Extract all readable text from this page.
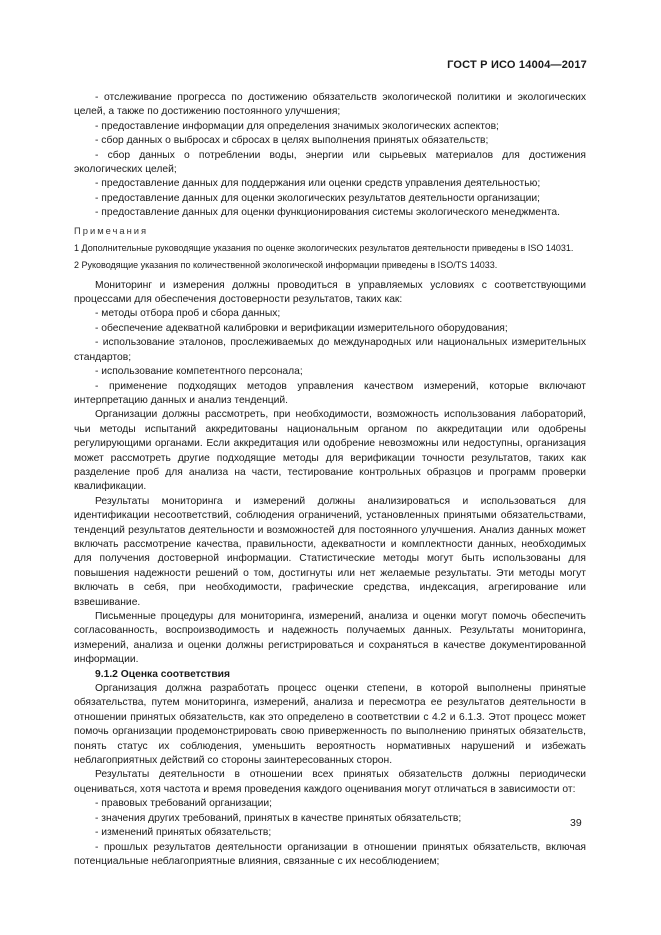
ГОСТ Р ИСО 14004—2017

- отслеживание прогресса по достижению обязательств экологической политики и экологических целей, а также по достижению постоянного улучшения;

- предоставление информации для определения значимых экологических аспектов;

- сбор данных о выбросах и сбросах в целях выполнения принятых обязательств;

- сбор данных о потреблении воды, энергии или сырьевых материалов для достижения экологических целей;

- предоставление данных для поддержания или оценки средств управления деятельностью;

- предоставление данных для оценки экологических результатов деятельности организации;

- предоставление данных для оценки функционирования системы экологического менеджмента.

Примечания

1 Дополнительные руководящие указания по оценке экологических результатов деятельности приведены в ISO 14031.

2 Руководящие указания по количественной экологической информации приведены в ISO/TS 14033.

Мониторинг и измерения должны проводиться в управляемых условиях с соответствующими процессами для обеспечения достоверности результатов, таких как:

- методы отбора проб и сбора данных;

- обеспечение адекватной калибровки и верификации измерительного оборудования;

- использование эталонов, прослеживаемых до международных или национальных измерительных стандартов;

- использование компетентного персонала;

- применение подходящих методов управления качеством измерений, которые включают интерпретацию данных и анализ тенденций.

Организации должны рассмотреть, при необходимости, возможность использования лабораторий, чьи методы испытаний аккредитованы национальным органом по аккредитации или одобрены регулирующими органами. Если аккредитация или одобрение невозможны или недоступны, организация может рассмотреть другие подходящие методы для верификации точности результатов, таких как разделение проб для анализа на части, тестирование контрольных образцов и программ проверки квалификации.

Результаты мониторинга и измерений должны анализироваться и использоваться для идентификации несоответствий, соблюдения ограничений, установленных принятыми обязательствами, тенденций результатов деятельности и возможностей для постоянного улучшения. Анализ данных может включать рассмотрение качества, правильности, адекватности и комплектности данных, необходимых для получения достоверной информации. Статистические методы могут быть использованы для повышения надежности решений о том, достигнуты или нет желаемые результаты. Эти методы могут включать в себя, при необходимости, графические средства, индексация, агрегирование или взвешивание.

Письменные процедуры для мониторинга, измерений, анализа и оценки могут помочь обеспечить согласованность, воспроизводимость и надежность получаемых данных. Результаты мониторинга, измерений, анализа и оценки должны регистрироваться и сохраняться в качестве документированной информации.

9.1.2 Оценка соответствия

Организация должна разработать процесс оценки степени, в которой выполнены принятые обязательства, путем мониторинга, измерений, анализа и пересмотра ее результатов деятельности в отношении принятых обязательств, как это определено в соответствии с 4.2 и 6.1.3. Этот процесс может помочь организации продемонстрировать свою приверженность по выполнению принятых обязательств, понять статус их соблюдения, уменьшить вероятность нормативных нарушений и избежать неблагоприятных действий со стороны заинтересованных сторон.

Результаты деятельности в отношении всех принятых обязательств должны периодически оцениваться, хотя частота и время проведения каждого оценивания могут отличаться в зависимости от:

- правовых требований организации;

- значения других требований, принятых в качестве принятых обязательств;

- изменений принятых обязательств;

- прошлых результатов деятельности организации в отношении принятых обязательств, включая потенциальные неблагоприятные влияния, связанные с их несоблюдением;

39
